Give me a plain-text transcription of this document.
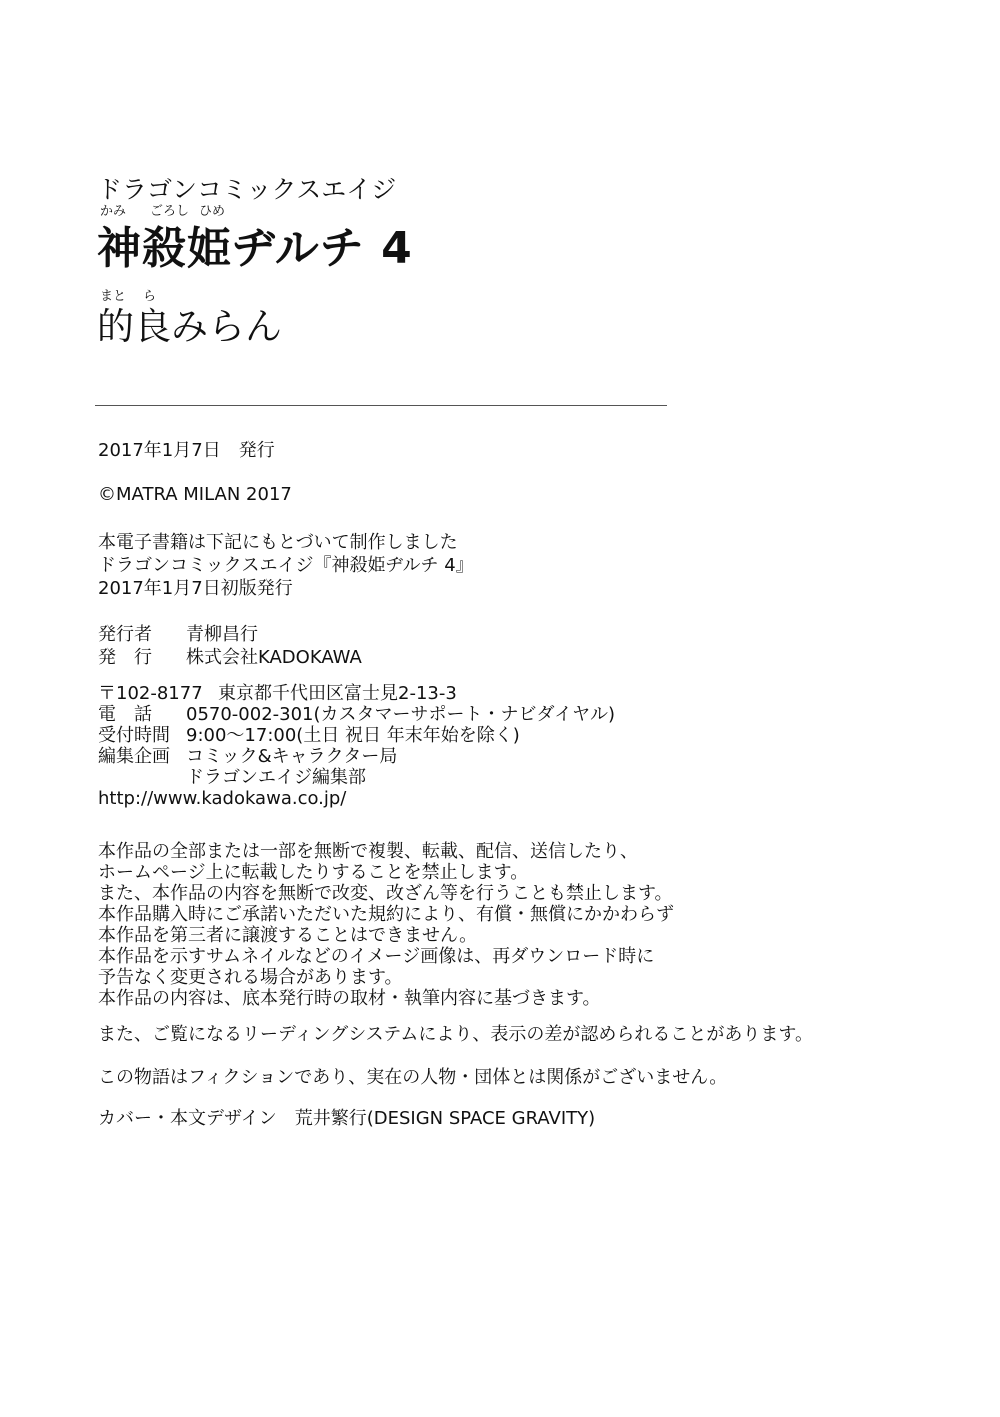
ドラゴンコミックスエイジ
かみ ごろし ひめ
神殺姫ヂルチ 4
まと ら
的良みらん
2017年1月7日　発行
©MATRA MILAN 2017
本電子書籍は下記にもとづいて制作しました
ドラゴンコミックスエイジ『神殺姫ヂルチ 4』
2017年1月7日初版発行
発行者 青柳昌行
発　行 株式会社KADOKAWA
〒102-8177 東京都千代田区富士見2-13-3
電　話 0570-002-301(カスタマーサポート・ナビダイヤル)
受付時間 9:00～17:00(土日 祝日 年末年始を除く)
編集企画 コミック&キャラクター局
ドラゴンエイジ編集部
http://www.kadokawa.co.jp/
本作品の全部または一部を無断で複製、転載、配信、送信したり、
ホームページ上に転載したりすることを禁止します。
また、本作品の内容を無断で改変、改ざん等を行うことも禁止します。
本作品購入時にご承諾いただいた規約により、有償・無償にかかわらず
本作品を第三者に譲渡することはできません。
本作品を示すサムネイルなどのイメージ画像は、再ダウンロード時に
予告なく変更される場合があります。
本作品の内容は、底本発行時の取材・執筆内容に基づきます。
また、ご覧になるリーディングシステムにより、表示の差が認められることがあります。
この物語はフィクションであり、実在の人物・団体とは関係がございません。
カバー・本文デザイン　荒井繁行(DESIGN SPACE GRAVITY)
